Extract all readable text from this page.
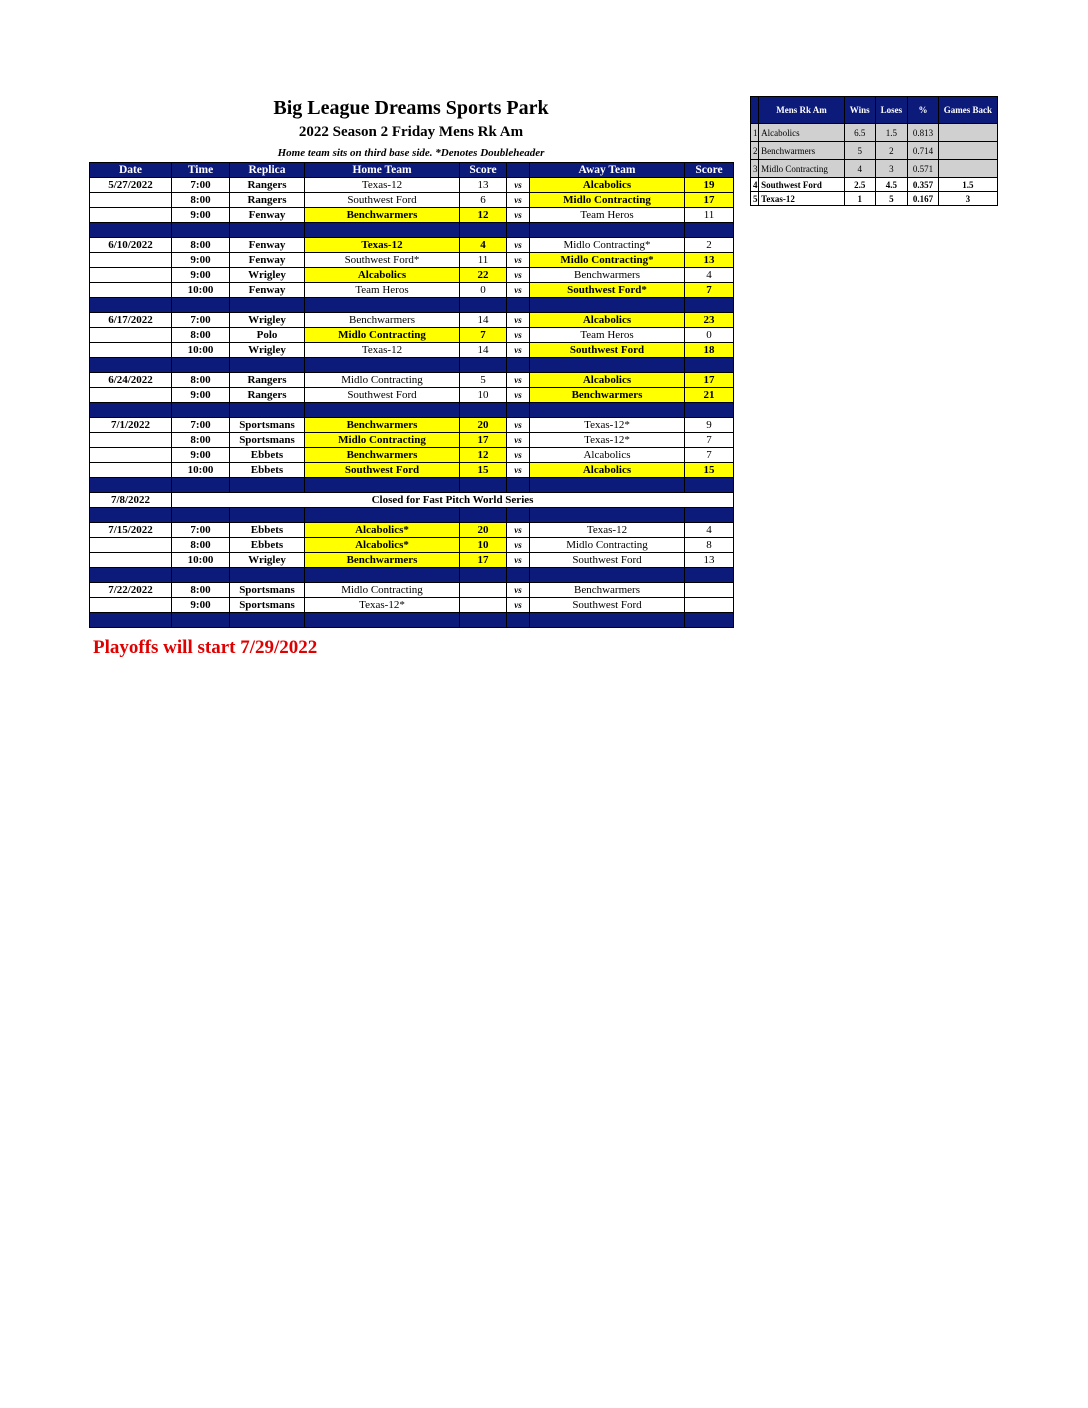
Big League Dreams Sports Park
2022 Season 2 Friday Mens Rk Am
Home team sits on third base side. *Denotes Doubleheader
Date	Time	Replica	Home Team	Score		Away Team	Score
5/27/2022	7:00	Rangers	Texas-12	13	vs	Alcabolics	19
	8:00	Rangers	Southwest Ford	6	vs	Midlo Contracting	17
	9:00	Fenway	Benchwarmers	12	vs	Team Heros	11

6/10/2022	8:00	Fenway	Texas-12	4	vs	Midlo Contracting*	2
	9:00	Fenway	Southwest Ford*	11	vs	Midlo Contracting*	13
	9:00	Wrigley	Alcabolics	22	vs	Benchwarmers	4
	10:00	Fenway	Team Heros	0	vs	Southwest Ford*	7

6/17/2022	7:00	Wrigley	Benchwarmers	14	vs	Alcabolics	23
	8:00	Polo	Midlo Contracting	7	vs	Team Heros	0
	10:00	Wrigley	Texas-12	14	vs	Southwest Ford	18

6/24/2022	8:00	Rangers	Midlo Contracting	5	vs	Alcabolics	17
	9:00	Rangers	Southwest Ford	10	vs	Benchwarmers	21

7/1/2022	7:00	Sportsmans	Benchwarmers	20	vs	Texas-12*	9
	8:00	Sportsmans	Midlo Contracting	17	vs	Texas-12*	7
	9:00	Ebbets	Benchwarmers	12	vs	Alcabolics	7
	10:00	Ebbets	Southwest Ford	15	vs	Alcabolics	15

7/8/2022	Closed for Fast Pitch World Series						

7/15/2022	7:00	Ebbets	Alcabolics*	20	vs	Texas-12	4
	8:00	Ebbets	Alcabolics*	10	vs	Midlo Contracting	8
	10:00	Wrigley	Benchwarmers	17	vs	Southwest Ford	13

7/22/2022	8:00	Sportsmans	Midlo Contracting		vs	Benchwarmers	
	9:00	Sportsmans	Texas-12*		vs	Southwest Ford	

Playoffs will start 7/29/2022
	Mens Rk Am	Wins	Loses	%	Games Back
1	Alcabolics	6.5	1.5	0.813	
2	Benchwarmers	5	2	0.714	
3	Midlo Contracting	4	3	0.571	
4	Southwest Ford	2.5	4.5	0.357	1.5
5	Texas-12	1	5	0.167	3
